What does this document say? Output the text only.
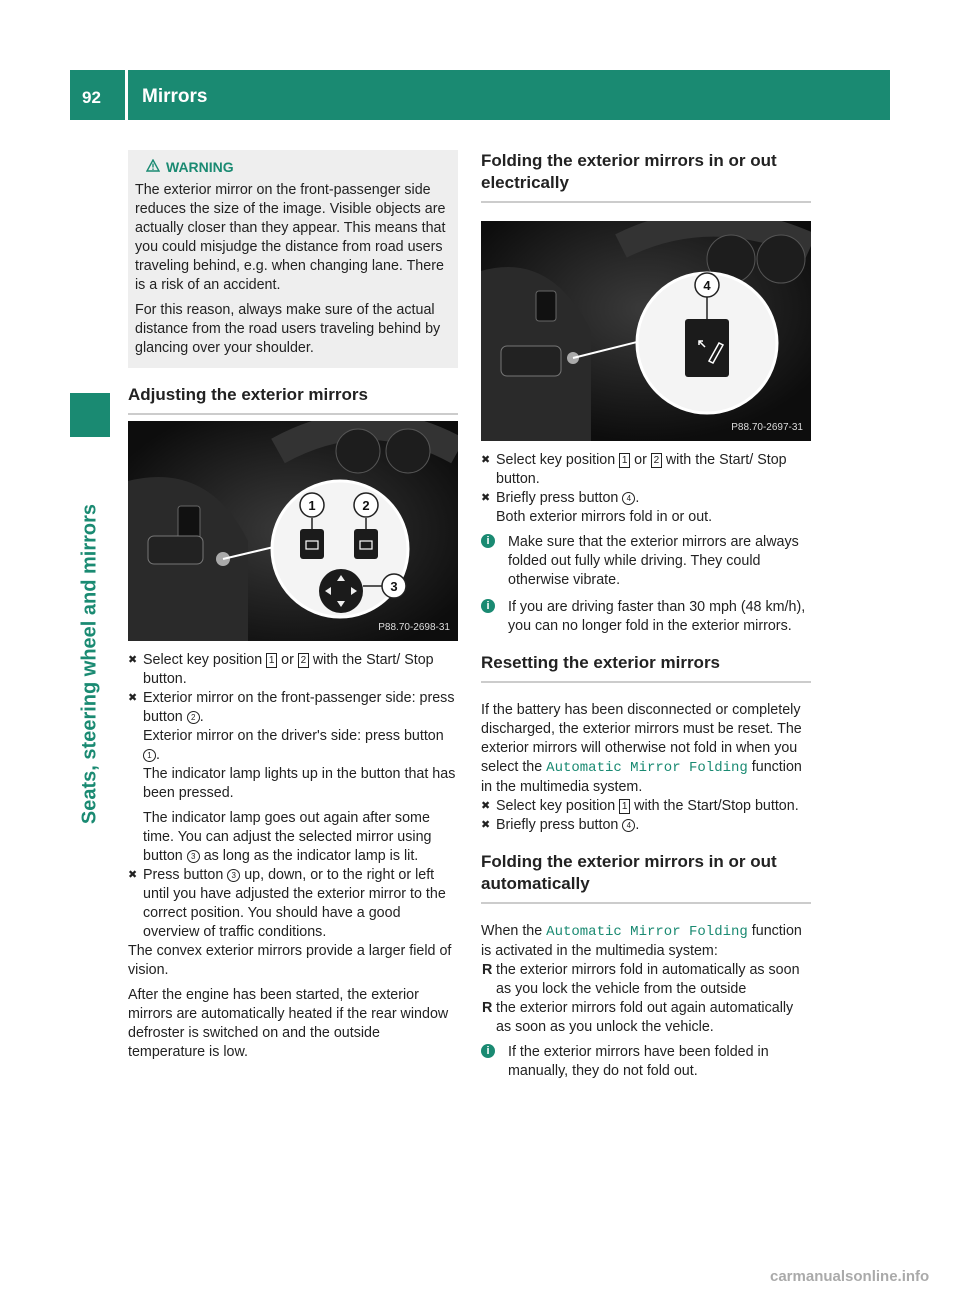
92 Mirrors
Seats, steering wheel and mirrors
WARNING

The exterior mirror on the front-passenger side reduces the size of the image. Visible objects are actually closer than they appear. This means that you could misjudge the distance from road users traveling behind, e.g. when changing lane. There is a risk of an accident.

For this reason, always make sure of the actual distance from the road users traveling behind by glancing over your shoulder.

Adjusting the exterior mirrors
1	2
3
P88.70-2698-31

✖ Select key position 1 or 2 with the Start/ Stop button.

✖ Exterior mirror on the front-passenger side: press button 2 .

Exterior mirror on the driver's side: press button 1 .

The indicator lamp lights up in the button that has been pressed.

The indicator lamp goes out again after some time. You can adjust the selected mirror using button 3 as long as the indicator lamp is lit.

✖ Press button 3 up, down, or to the right or left until you have adjusted the exterior mirror to the correct position. You should have a good overview of traffic conditions.

The convex exterior mirrors provide a larger field of vision.

After the engine has been started, the exterior mirrors are automatically heated if the rear window defroster is switched on and the outside temperature is low.

Folding the exterior mirrors in or out electrically
4
P88.70-2697-31

✖ Select key position 1 or 2 with the Start/ Stop button.

✖ Briefly press button 4 .

Both exterior mirrors fold in or out.

i	Make sure that the exterior mirrors are always folded out fully while driving. They could otherwise vibrate.

i	If you are driving faster than 30 mph (48 km/h), you can no longer fold in the exterior mirrors.

Resetting the exterior mirrors

If the battery has been disconnected or completely discharged, the exterior mirrors must be reset. The exterior mirrors will otherwise not fold in when you select the Automatic Mirror Folding function in the multimedia system.

✖ Select key position 1 with the Start/Stop button.

✖ Briefly press button 4 .

Folding the exterior mirrors in or out automatically

When the Automatic Mirror Folding function is activated in the multimedia system:

R the exterior mirrors fold in automatically as soon as you lock the vehicle from the outside

R the exterior mirrors fold out again automatically as soon as you unlock the vehicle.

i	If the exterior mirrors have been folded in manually, they do not fold out.

carmanualsonline.info
